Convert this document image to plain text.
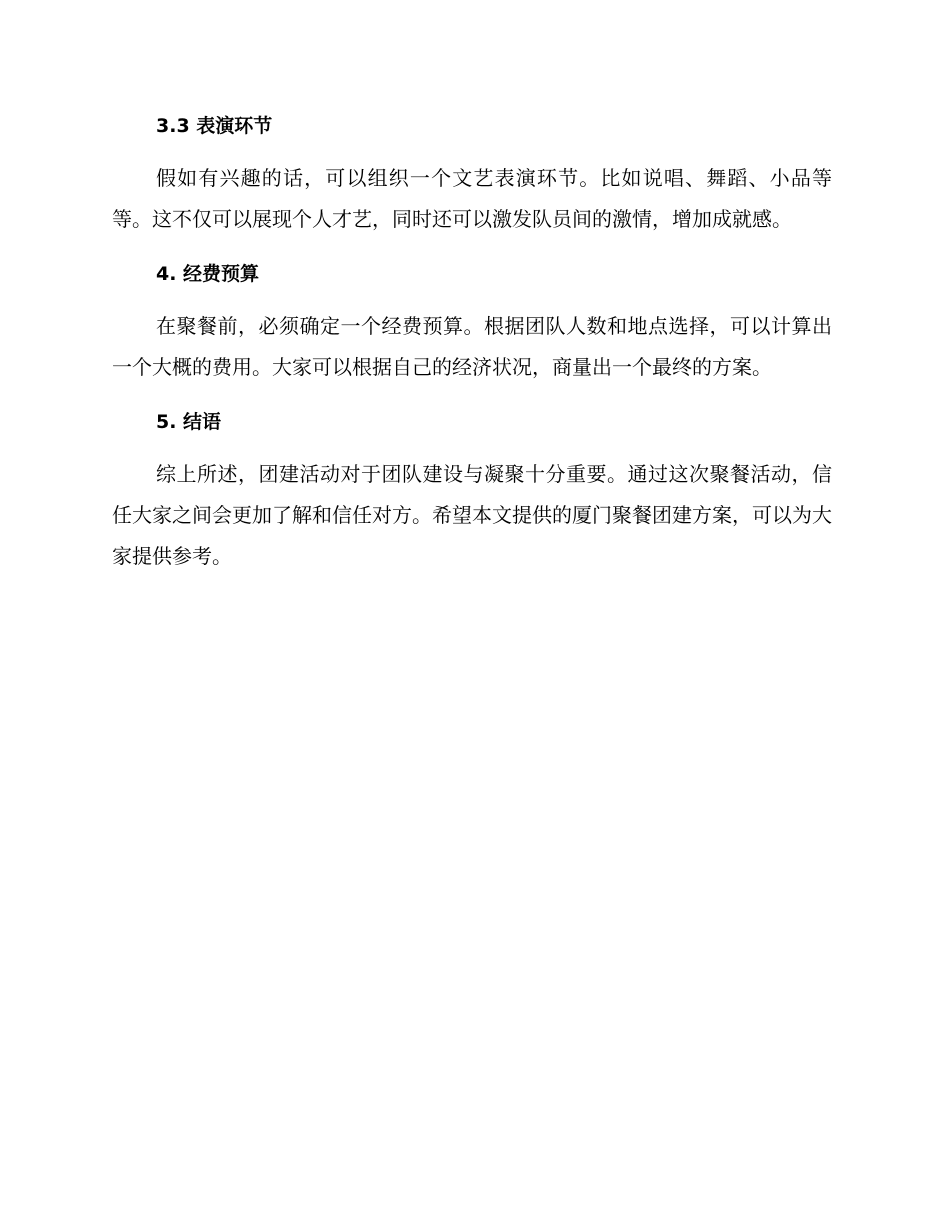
3.3 表演环节

假如有兴趣的话，可以组织一个文艺表演环节。比如说唱、舞蹈、小品等等。这不仅可以展现个人才艺，同时还可以激发队员间的激情，增加成就感。

4. 经费预算

在聚餐前，必须确定一个经费预算。根据团队人数和地点选择，可以计算出一个大概的费用。大家可以根据自己的经济状况，商量出一个最终的方案。

5. 结语

综上所述，团建活动对于团队建设与凝聚十分重要。通过这次聚餐活动，信任大家之间会更加了解和信任对方。希望本文提供的厦门聚餐团建方案，可以为大家提供参考。
